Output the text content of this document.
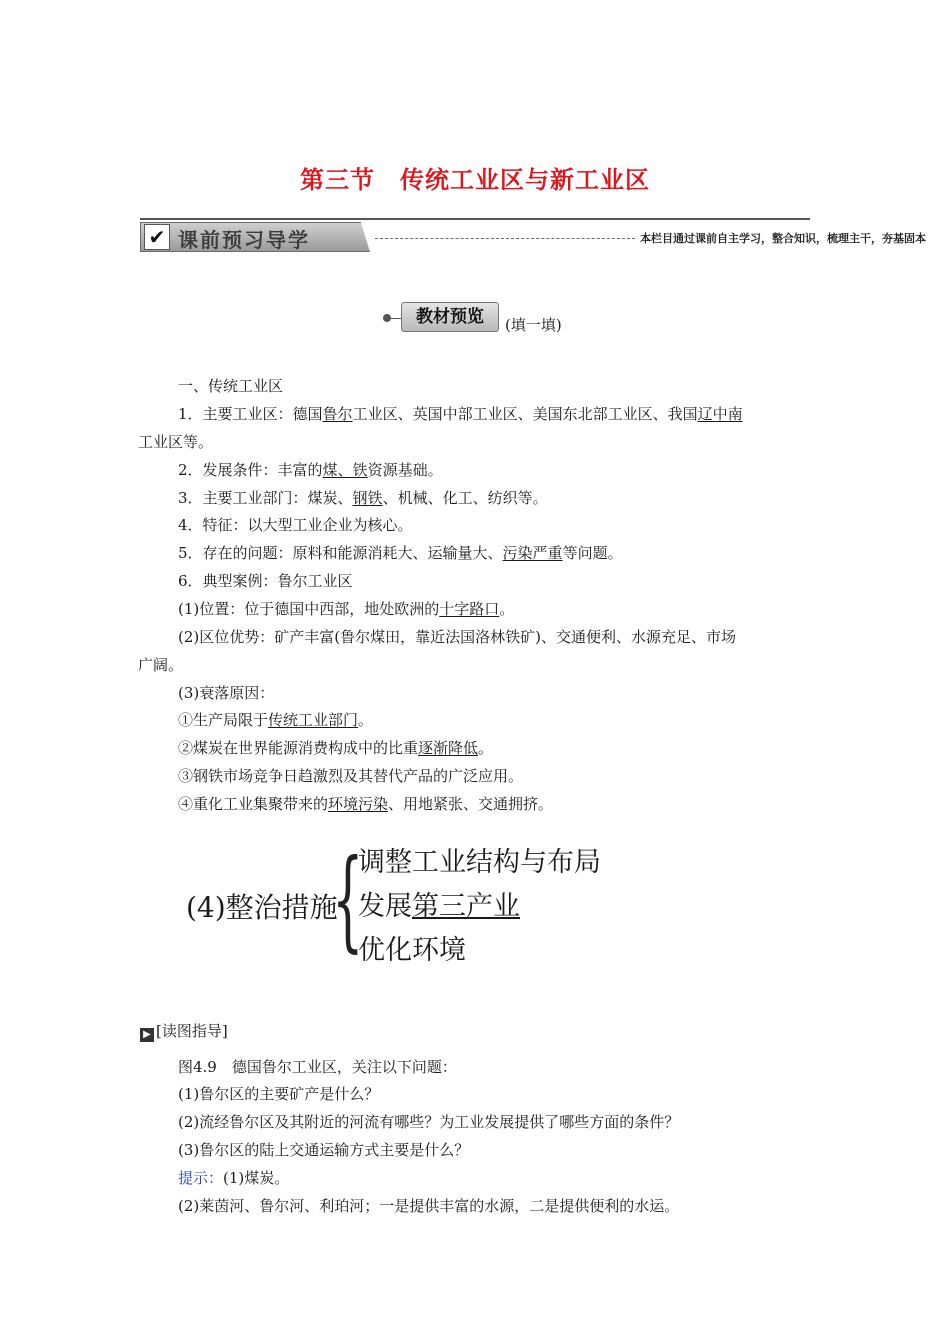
第三节　传统工业区与新工业区
✔ 课前预习导学	本栏目通过课前自主学习，整合知识，梳理主干，夯基固本
教材预览	(填一填)
一、传统工业区
1．主要工业区：德国鲁尔工业区、英国中部工业区、美国东北部工业区、我国辽中南
工业区等。
2．发展条件：丰富的煤、铁资源基础。
3．主要工业部门：煤炭、钢铁、机械、化工、纺织等。
4．特征：以大型工业企业为核心。
5．存在的问题：原料和能源消耗大、运输量大、污染严重等问题。
6．典型案例：鲁尔工业区
(1)位置：位于德国中西部，地处欧洲的十字路口。
(2)区位优势：矿产丰富(鲁尔煤田，靠近法国洛林铁矿)、交通便利、水源充足、市场
广阔。
(3)衰落原因：
①生产局限于传统工业部门。
②煤炭在世界能源消费构成中的比重逐渐降低。
③钢铁市场竞争日趋激烈及其替代产品的广泛应用。
④重化工业集聚带来的环境污染、用地紧张、交通拥挤。
(4)整治措施
{
调整工业结构与布局
发展第三产业
优化环境
▶ [读图指导]
图4.9　德国鲁尔工业区，关注以下问题：
(1)鲁尔区的主要矿产是什么？
(2)流经鲁尔区及其附近的河流有哪些？为工业发展提供了哪些方面的条件？
(3)鲁尔区的陆上交通运输方式主要是什么？
提示：(1)煤炭。
(2)莱茵河、鲁尔河、利珀河；一是提供丰富的水源，二是提供便利的水运。
